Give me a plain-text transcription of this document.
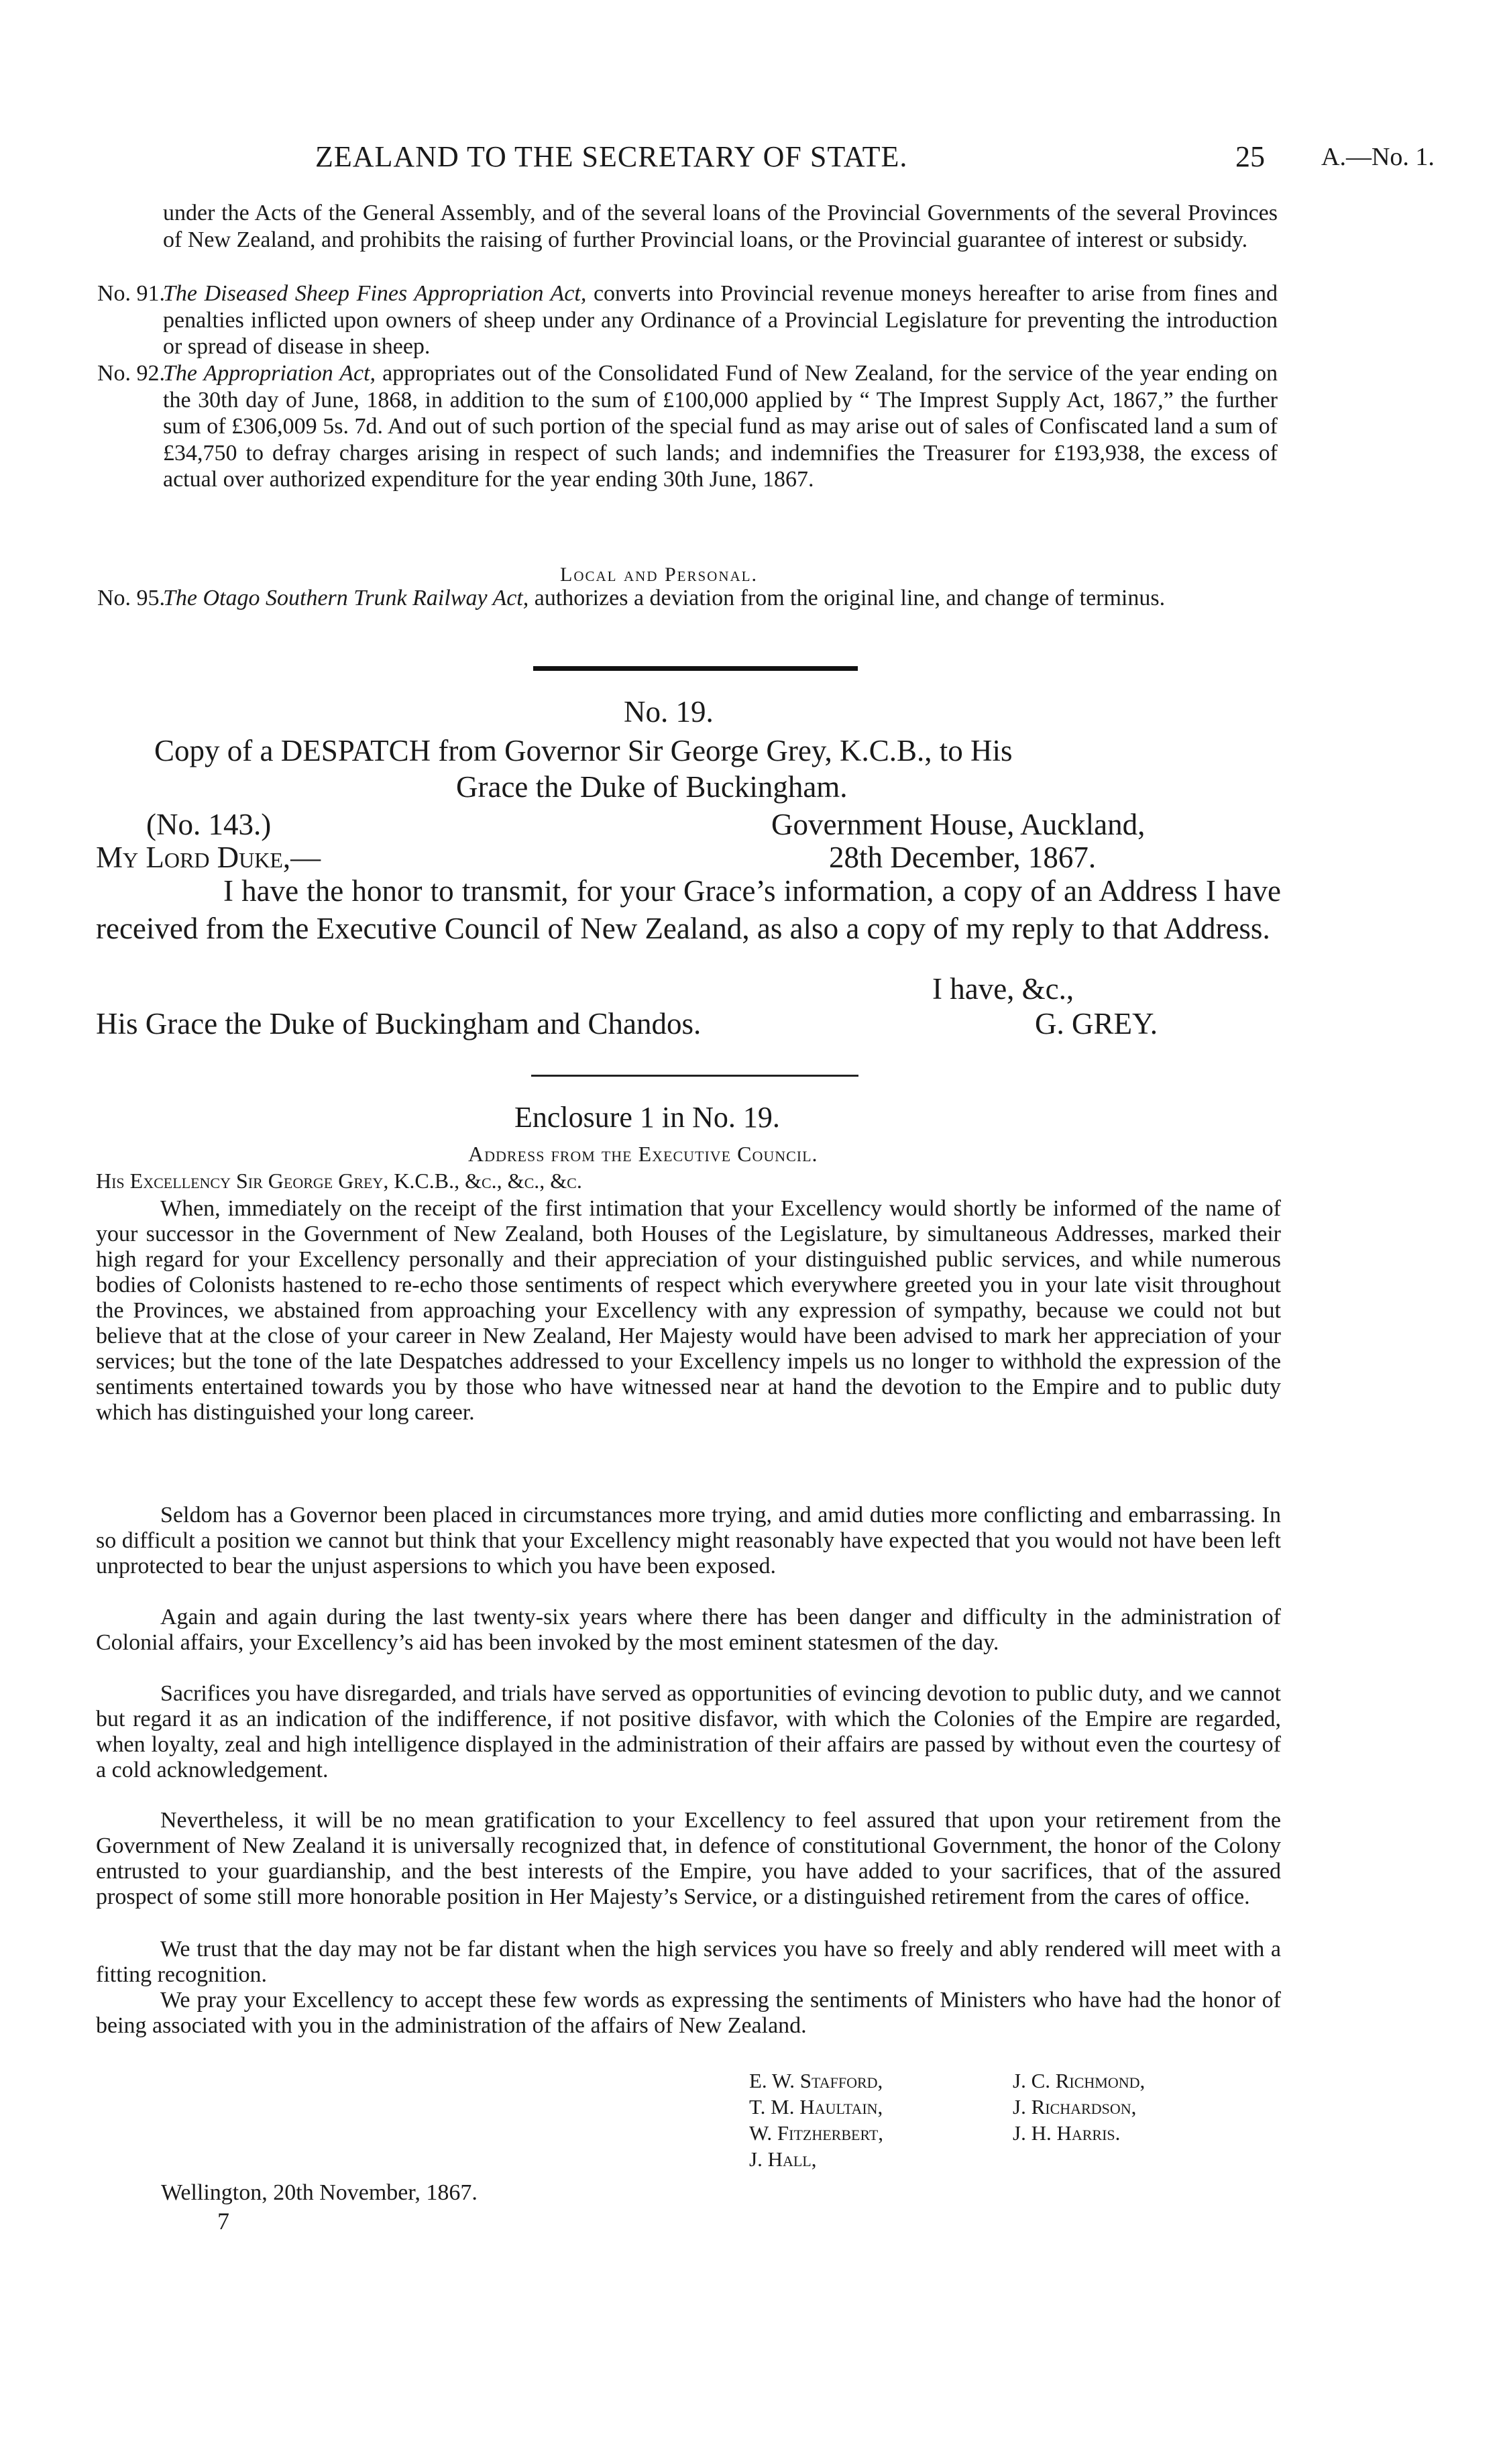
ZEALAND TO THE SECRETARY OF STATE.	25 A.—No. 1.

under the Acts of the General Assembly, and of the several loans of the Provincial Governments of the several Provinces of New Zealand, and prohibits the raising of further Provincial loans, or the Provincial guarantee of interest or subsidy.

No. 91.

The Diseased Sheep Fines Appropriation Act, converts into Provincial revenue moneys hereafter to arise from fines and penalties inflicted upon owners of sheep under any Ordinance of a Provincial Legislature for preventing the introduction or spread of disease in sheep.

No. 92.

The Appropriation Act, appropriates out of the Consolidated Fund of New Zealand, for the service of the year ending on the 30th day of June, 1868, in addition to the sum of £100,000 applied by “ The Imprest Supply Act, 1867,” the further sum of £306,009 5s. 7d. And out of such portion of the special fund as may arise out of sales of Confiscated land a sum of £34,750 to defray charges arising in respect of such lands; and indemnifies the Treasurer for £193,938, the excess of actual over authorized expenditure for the year ending 30th June, 1867.

Local and Personal.
No. 95.

The Otago Southern Trunk Railway Act, authorizes a deviation from the original line, and change of terminus.

No. 19.
Copy of a DESPATCH from Governor Sir George Grey, K.C.B., to His
Grace the Duke of Buckingham.
(No. 143.)	Government House, Auckland,
My Lord Duke,—	28th December, 1867.

I have the honor to transmit, for your Grace’s information, a copy of an Address I have received from the Executive Council of New Zealand, as also a copy of my reply to that Address.

I have, &c.,
His Grace the Duke of Buckingham and Chandos.	G. GREY.
Enclosure 1 in No. 19.
Address from the Executive Council.
His Excellency Sir George Grey, K.C.B., &c., &c., &c.

When, immediately on the receipt of the first intimation that your Excellency would shortly be informed of the name of your successor in the Government of New Zealand, both Houses of the Legislature, by simultaneous Addresses, marked their high regard for your Excellency personally and their appreciation of your distinguished public services, and while numerous bodies of Colonists hastened to re-echo those sentiments of respect which everywhere greeted you in your late visit throughout the Provinces, we abstained from approaching your Excellency with any expression of sympathy, because we could not but believe that at the close of your career in New Zealand, Her Majesty would have been advised to mark her appreciation of your services; but the tone of the late Despatches addressed to your Excellency impels us no longer to withhold the expression of the sentiments entertained towards you by those who have witnessed near at hand the devotion to the Empire and to public duty which has distinguished your long career.

Seldom has a Governor been placed in circumstances more trying, and amid duties more conflicting and embarrassing. In so difficult a position we cannot but think that your Excellency might reasonably have expected that you would not have been left unprotected to bear the unjust aspersions to which you have been exposed.

Again and again during the last twenty-six years where there has been danger and difficulty in the administration of Colonial affairs, your Excellency’s aid has been invoked by the most eminent statesmen of the day.

Sacrifices you have disregarded, and trials have served as opportunities of evincing devotion to public duty, and we cannot but regard it as an indication of the indifference, if not positive disfavor, with which the Colonies of the Empire are regarded, when loyalty, zeal and high intelligence displayed in the administration of their affairs are passed by without even the courtesy of a cold acknowledgement.

Nevertheless, it will be no mean gratification to your Excellency to feel assured that upon your retirement from the Government of New Zealand it is universally recognized that, in defence of constitutional Government, the honor of the Colony entrusted to your guardianship, and the best interests of the Empire, you have added to your sacrifices, that of the assured prospect of some still more honorable position in Her Majesty’s Service, or a distinguished retirement from the cares of office.

We trust that the day may not be far distant when the high services you have so freely and ably rendered will meet with a fitting recognition.

We pray your Excellency to accept these few words as expressing the sentiments of Ministers who have had the honor of being associated with you in the administration of the affairs of New Zealand.

E. W. Stafford,
T. M. Haultain,
W. Fitzherbert,
J. Hall,
J. C. Richmond,
J. Richardson,
J. H. Harris.
Wellington, 20th November, 1867.
7
